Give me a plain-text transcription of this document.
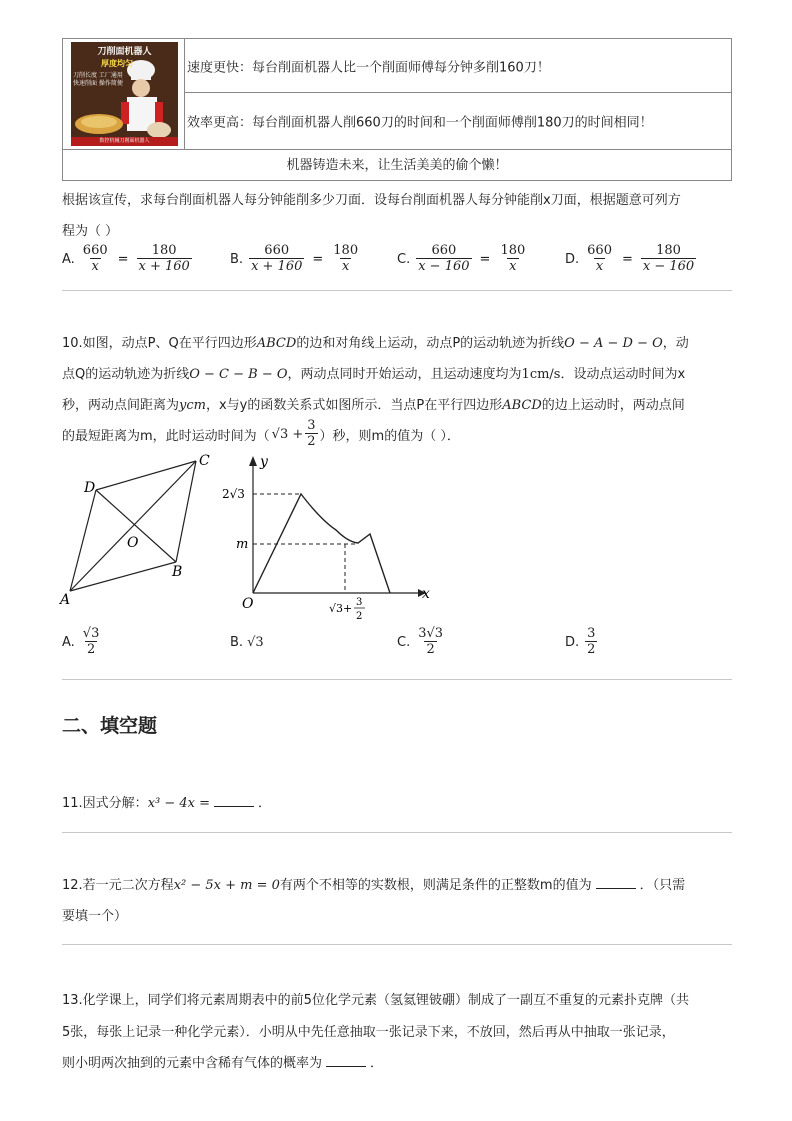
刀削面机器人
厚度均匀
刀削长度 工厂通用 快速削面 操作简便
数控机械刀削面机器人
速度更快：每台削面机器人比一个削面师傅每分钟多削160刀！
效率更高：每台削面机器人削660刀的时间和一个削面师傅削180刀的时间相同！
机器铸造未来，让生活美美的偷个懒！
根据该宣传，求每台削面机器人每分钟能削多少刀面．设每台削面机器人每分钟能削x刀面，根据题意可列方
程为（ ）
A. $\frac{660}{x} = \frac{180}{x + 160}$	B. $\frac{660}{x + 160} = \frac{180}{x}$	C. $\frac{660}{x - 160} = \frac{180}{x}$	D. $\frac{660}{x} = \frac{180}{x - 160}$
10.如图，动点P、Q在平行四边形ABCD的边和对角线上运动，动点P的运动轨迹为折线O − A − D − O，动
点Q的运动轨迹为折线O − C − B − O，两动点同时开始运动，且运动速度均为1cm/s．设动点运动时间为x
秒，两动点间距离为ycm，x与y的函数关系式如图所示．当点P在平行四边形ABCD的边上运动时，两动点间
的最短距离为m，此时运动时间为（ $√3 + \frac{3}{2}$ ）秒，则m的值为（ ）．
A
B
C
D
O
y
x
O
2√3
m
√3+ 3
2
A. $\frac{√3}{2}$	B. √3	C. $\frac{3√3}{2}$	D. $\frac{3}{2}$
二、填空题
11.因式分解：x³ − 4x =	．
12.若一元二次方程x² − 5x + m = 0有两个不相等的实数根，则满足条件的正整数m的值为	．（只需
要填一个）
13.化学课上，同学们将元素周期表中的前5位化学元素（氢氦锂铍硼）制成了一副互不重复的元素扑克牌（共
5张，每张上记录一种化学元素）．小明从中先任意抽取一张记录下来，不放回，然后再从中抽取一张记录，
则小明两次抽到的元素中含稀有气体的概率为	．
